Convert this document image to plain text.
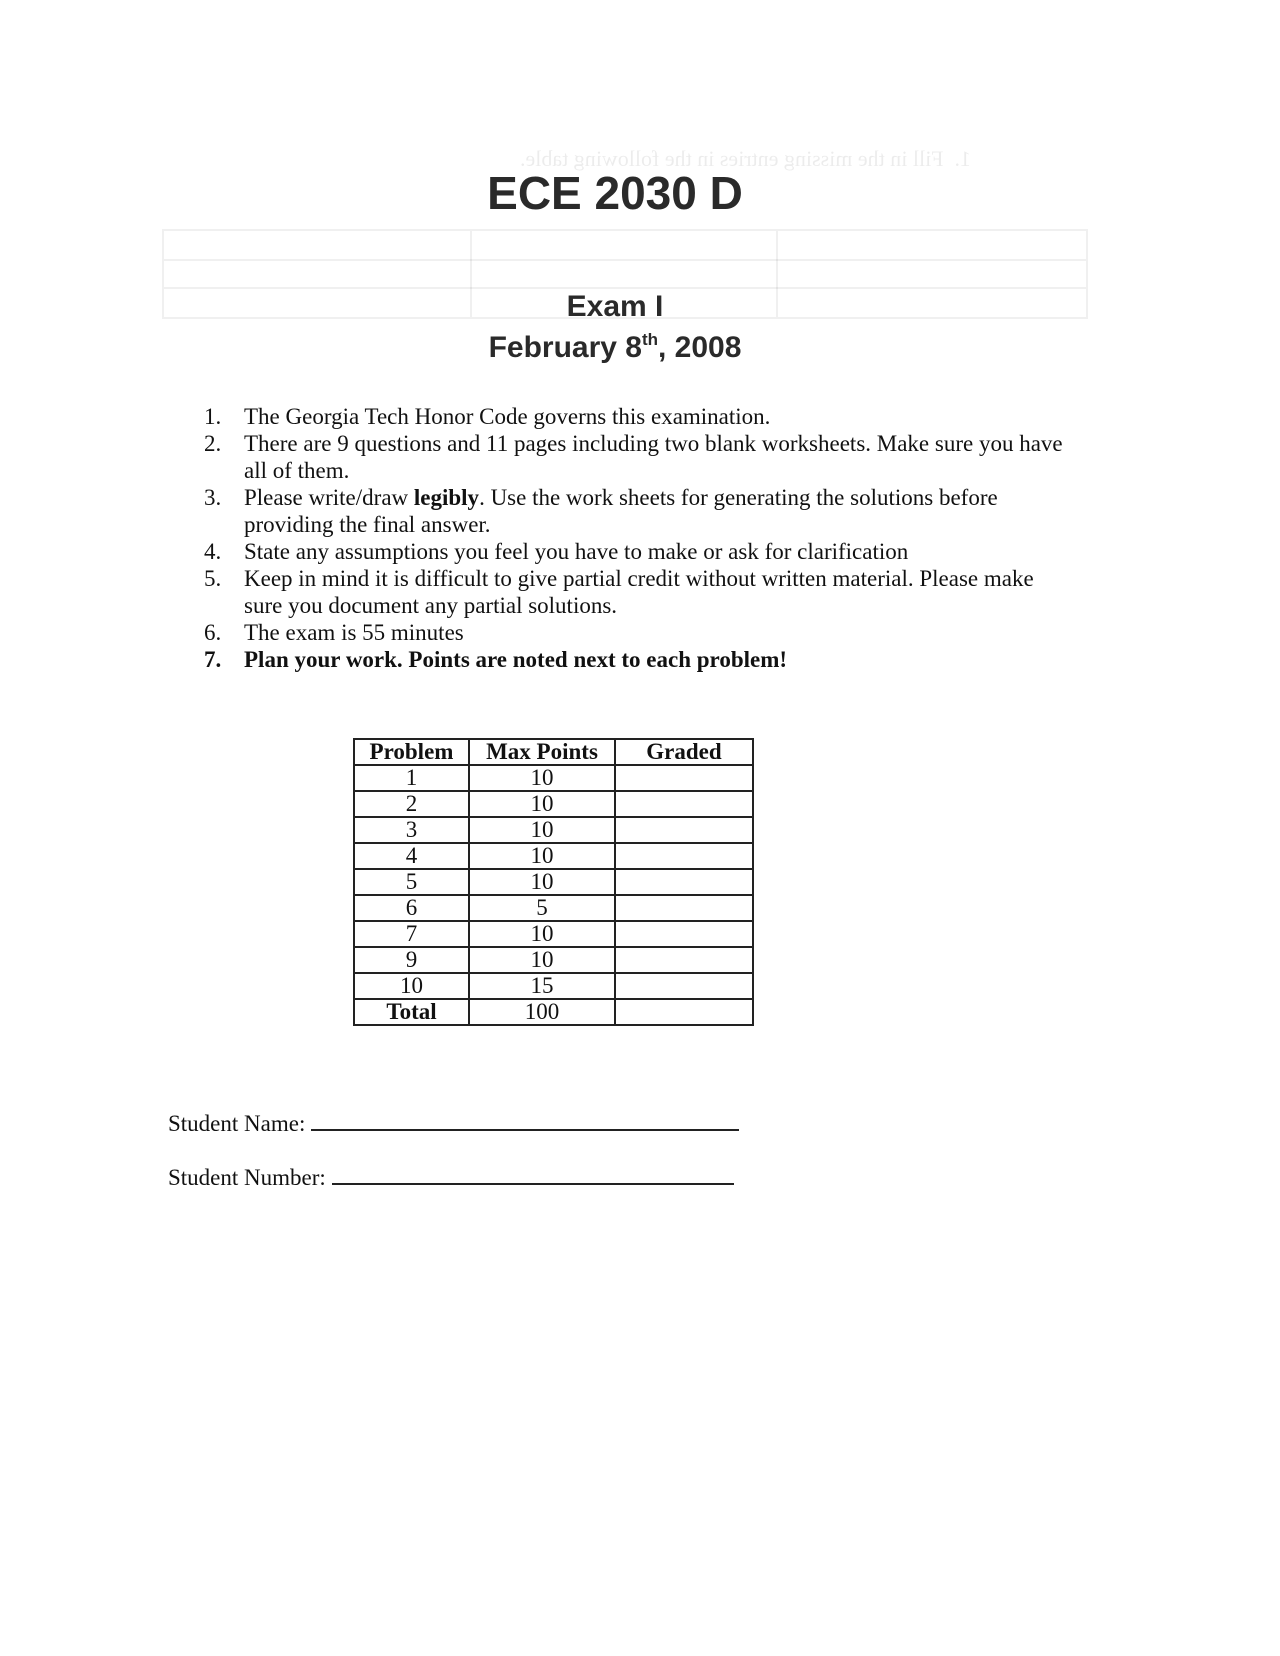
1.  Fill in the missing entries in the following table.
ECE 2030 D
Exam I
February 8th, 2008
1. The Georgia Tech Honor Code governs this examination.
2. There are 9 questions and 11 pages including two blank worksheets. Make sure you have all of them.
3. Please write/draw legibly. Use the work sheets for generating the solutions before providing the final answer.
4. State any assumptions you feel you have to make or ask for clarification
5. Keep in mind it is difficult to give partial credit without written material. Please make sure you document any partial solutions.
6. The exam is 55 minutes
7. Plan your work. Points are noted next to each problem!
Problem	Max Points	Graded
1	10	
2	10	
3	10	
4	10	
5	10	
6	5	
7	10	
9	10	
10	15	
Total	100	
Student Name:
Student Number:
